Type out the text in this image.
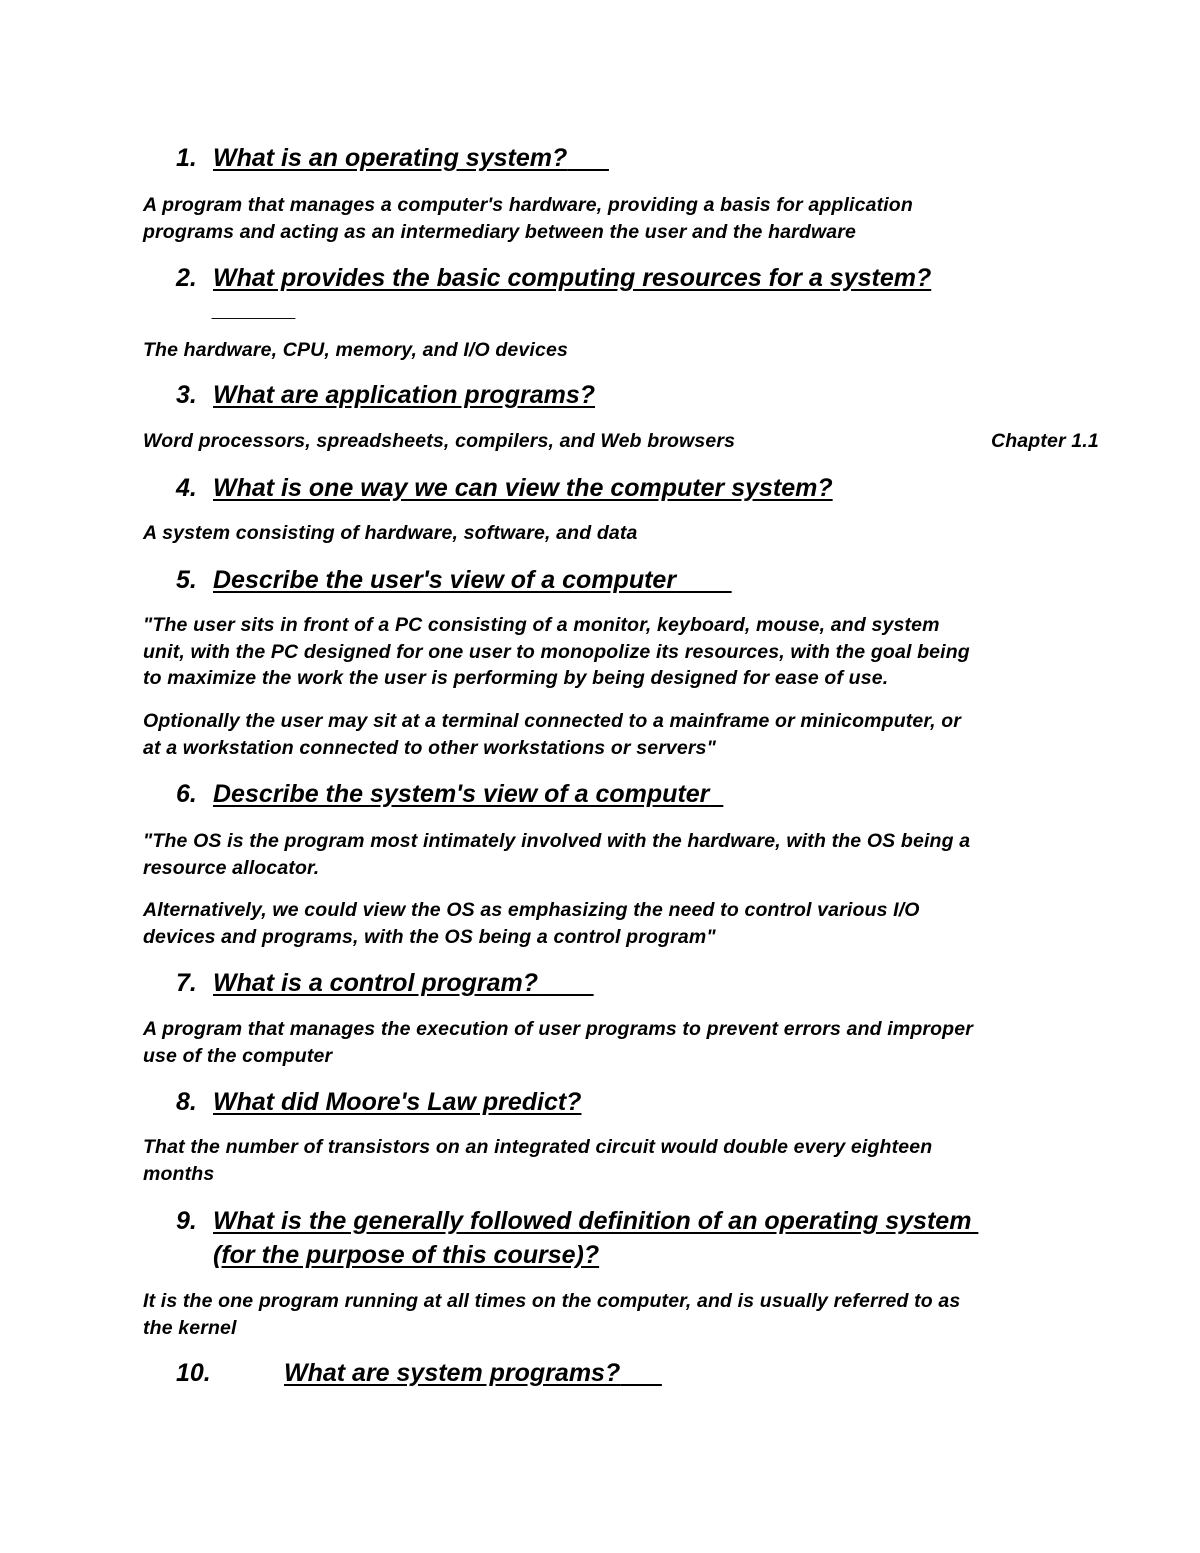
1. What is an operating system?
A program that manages a computer's hardware, providing a basis for application
programs and acting as an intermediary between the user and the hardware
2. What provides the basic computing resources for a system?
______
The hardware, CPU, memory, and I/O devices
3. What are application programs?
Word processors, spreadsheets, compilers, and Web browsers	Chapter 1.1
4. What is one way we can view the computer system?
A system consisting of hardware, software, and data
5. Describe the user's view of a computer
"The user sits in front of a PC consisting of a monitor, keyboard, mouse, and system
unit, with the PC designed for one user to monopolize its resources, with the goal being
to maximize the work the user is performing by being designed for ease of use.
Optionally the user may sit at a terminal connected to a mainframe or minicomputer, or
at a workstation connected to other workstations or servers"
6. Describe the system's view of a computer
"The OS is the program most intimately involved with the hardware, with the OS being a
resource allocator.
Alternatively, we could view the OS as emphasizing the need to control various I/O
devices and programs, with the OS being a control program"
7. What is a control program?
A program that manages the execution of user programs to prevent errors and improper
use of the computer
8. What did Moore's Law predict?
That the number of transistors on an integrated circuit would double every eighteen
months
9. What is the generally followed definition of an operating system
(for the purpose of this course)?
It is the one program running at all times on the computer, and is usually referred to as
the kernel
10.	What are system programs?
